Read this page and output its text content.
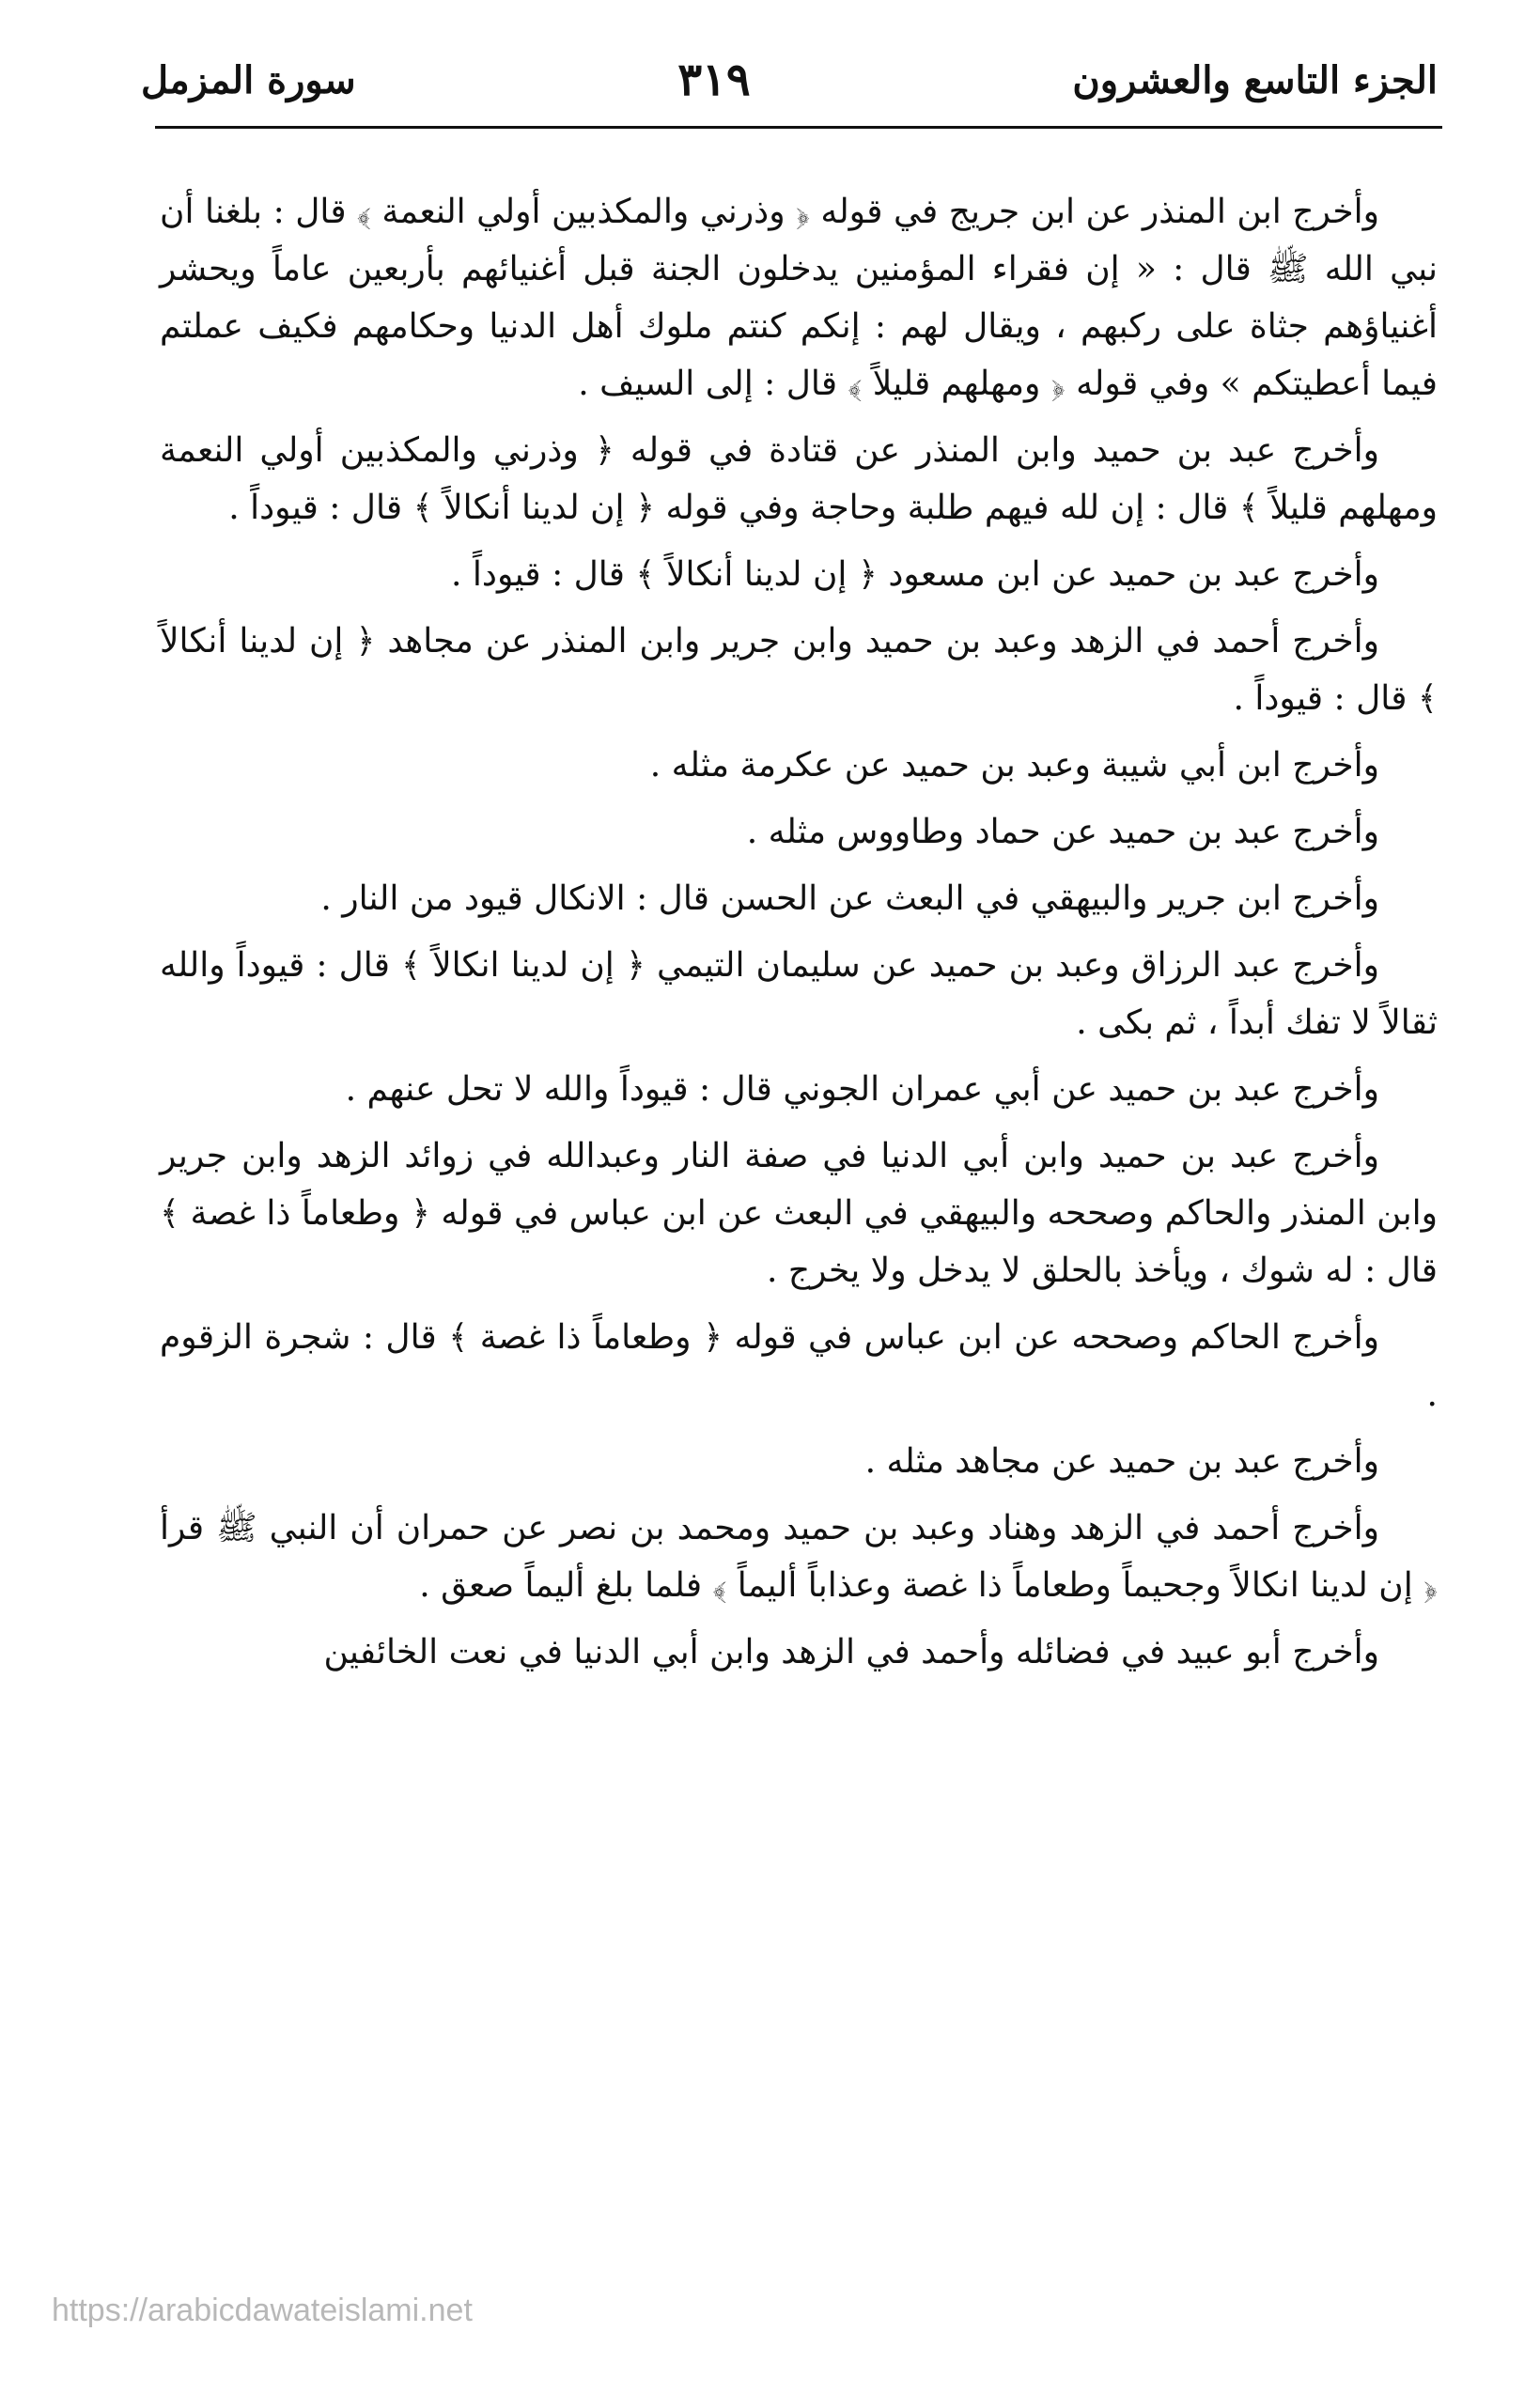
الجزء التاسع والعشرون
٣١٩
سورة المزمل

وأخرج ابن المنذر عن ابن جريج في قوله ﴿ وذرني والمكذبين أولي النعمة ﴾ قال : بلغنا أن نبي الله ﷺ قال : « إن فقراء المؤمنين يدخلون الجنة قبل أغنيائهم بأربعين عاماً ويحشر أغنياؤهم جثاة على ركبهم ، ويقال لهم : إنكم كنتم ملوك أهل الدنيا وحكامهم فكيف عملتم فيما أعطيتكم » وفي قوله ﴿ ومهلهم قليلاً ﴾ قال : إلى السيف .

وأخرج عبد بن حميد وابن المنذر عن قتادة في قوله ﴿ وذرني والمكذبين أولي النعمة ومهلهم قليلاً ﴾ قال : إن لله فيهم طلبة وحاجة وفي قوله ﴿ إن لدينا أنكالاً ﴾ قال : قيوداً .

وأخرج عبد بن حميد عن ابن مسعود ﴿ إن لدينا أنكالاً ﴾ قال : قيوداً .

وأخرج أحمد في الزهد وعبد بن حميد وابن جرير وابن المنذر عن مجاهد ﴿ إن لدينا أنكالاً ﴾ قال : قيوداً .

وأخرج ابن أبي شيبة وعبد بن حميد عن عكرمة مثله .

وأخرج عبد بن حميد عن حماد وطاووس مثله .

وأخرج ابن جرير والبيهقي في البعث عن الحسن قال : الانكال قيود من النار .

وأخرج عبد الرزاق وعبد بن حميد عن سليمان التيمي ﴿ إن لدينا انكالاً ﴾ قال : قيوداً والله ثقالاً لا تفك أبداً ، ثم بكى .

وأخرج عبد بن حميد عن أبي عمران الجوني قال : قيوداً والله لا تحل عنهم .

وأخرج عبد بن حميد وابن أبي الدنيا في صفة النار وعبدالله في زوائد الزهد وابن جرير وابن المنذر والحاكم وصححه والبيهقي في البعث عن ابن عباس في قوله ﴿ وطعاماً ذا غصة ﴾ قال : له شوك ، ويأخذ بالحلق لا يدخل ولا يخرج .

وأخرج الحاكم وصححه عن ابن عباس في قوله ﴿ وطعاماً ذا غصة ﴾ قال : شجرة الزقوم .

وأخرج عبد بن حميد عن مجاهد مثله .

وأخرج أحمد في الزهد وهناد وعبد بن حميد ومحمد بن نصر عن حمران أن النبي ﷺ قرأ ﴿ إن لدينا انكالاً وجحيماً وطعاماً ذا غصة وعذاباً أليماً ﴾ فلما بلغ أليماً صعق .

وأخرج أبو عبيد في فضائله وأحمد في الزهد وابن أبي الدنيا في نعت الخائفين

https://arabicdawateislami.net
